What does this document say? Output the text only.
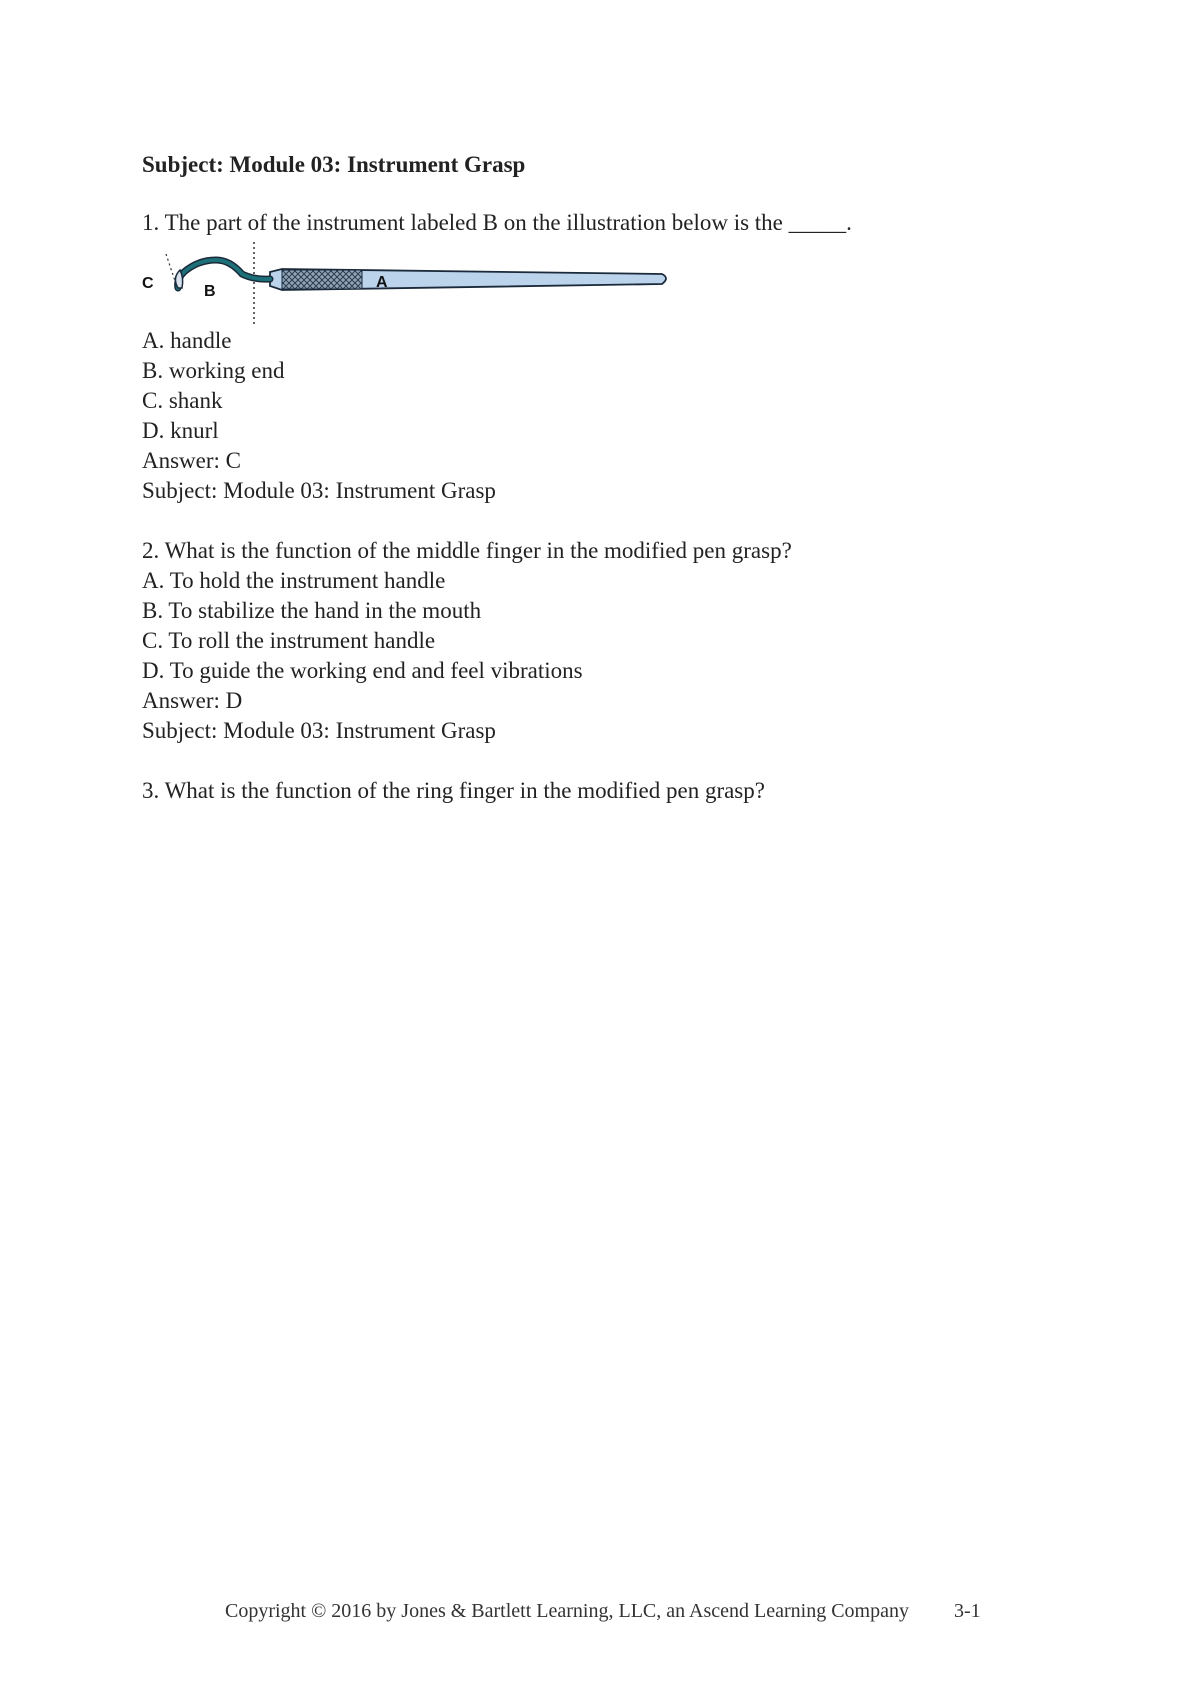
Subject: Module 03: Instrument Grasp
1. The part of the instrument labeled B on the illustration below is the _____.
C	B
A
A. handle
B. working end
C. shank
D. knurl
Answer: C
Subject: Module 03: Instrument Grasp
2. What is the function of the middle finger in the modified pen grasp?
A. To hold the instrument handle
B. To stabilize the hand in the mouth
C. To roll the instrument handle
D. To guide the working end and feel vibrations
Answer: D
Subject: Module 03: Instrument Grasp
3. What is the function of the ring finger in the modified pen grasp?
Copyright © 2016 by Jones & Bartlett Learning, LLC, an Ascend Learning Company 3-1
